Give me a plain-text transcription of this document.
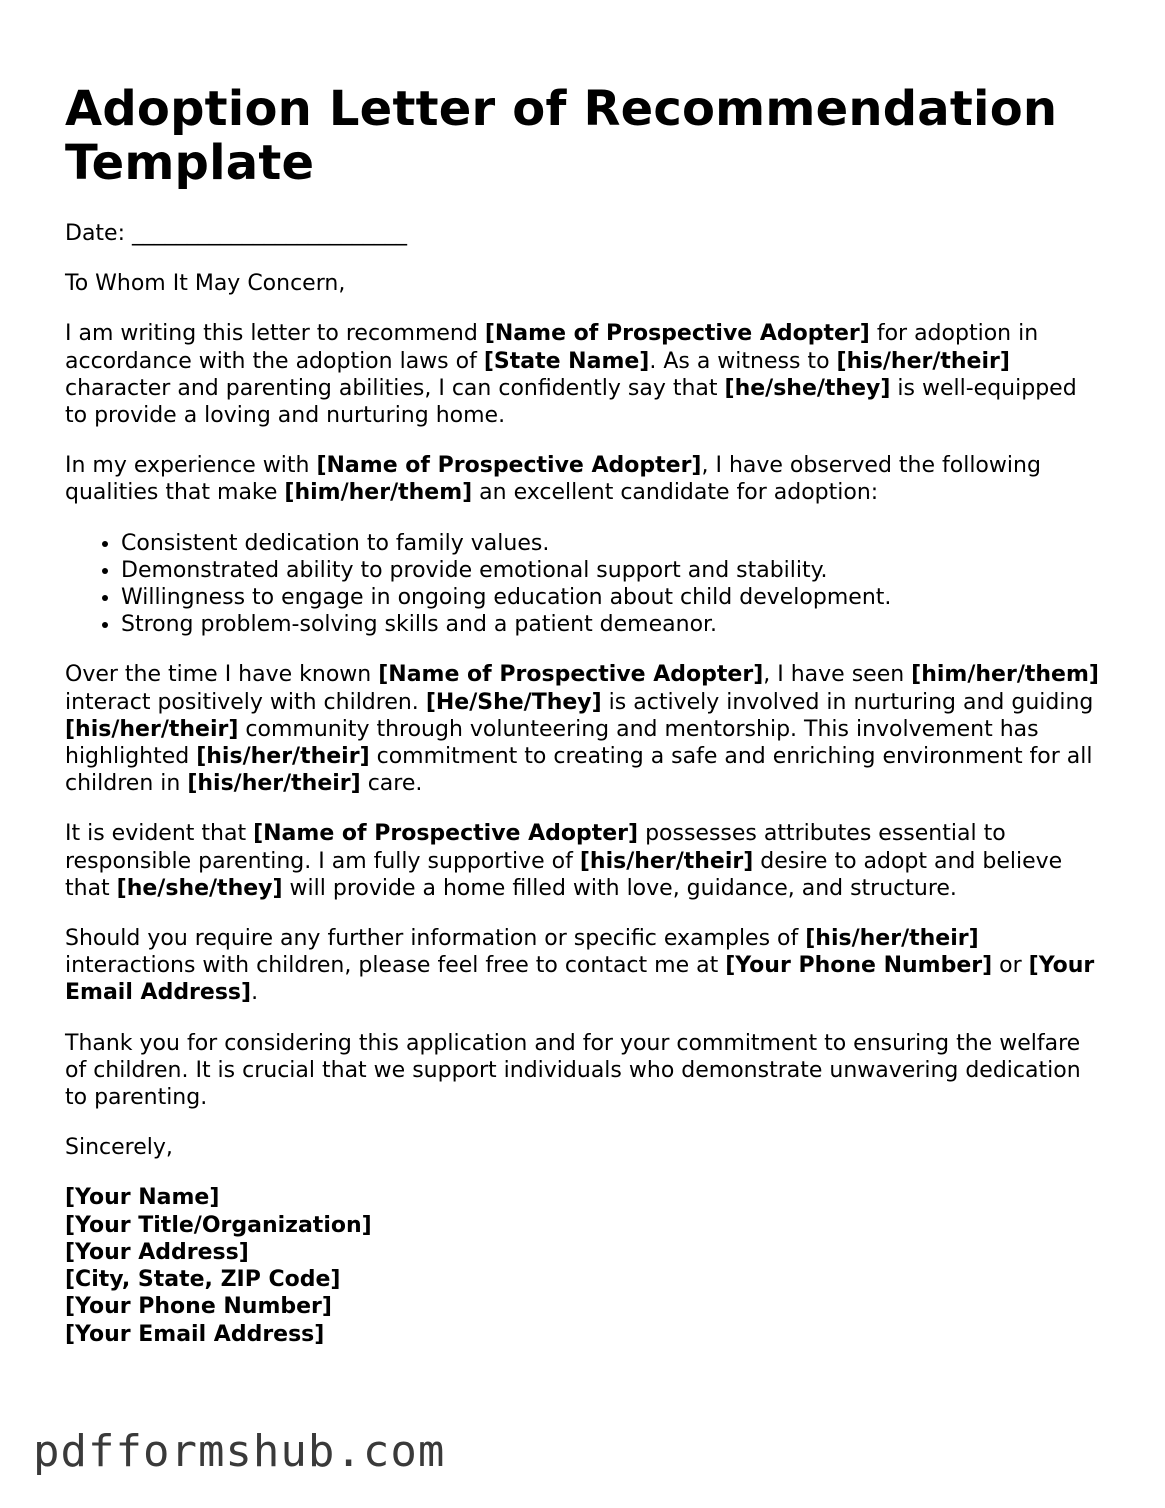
Adoption Letter of Recommendation Template

Date: _________________________

To Whom It May Concern,

I am writing this letter to recommend [Name of Prospective Adopter] for adoption in accordance with the adoption laws of [State Name]. As a witness to [his/her/their] character and parenting abilities, I can confidently say that [he/she/they] is well-equipped to provide a loving and nurturing home.

In my experience with [Name of Prospective Adopter], I have observed the following qualities that make [him/her/them] an excellent candidate for adoption:

• Consistent dedication to family values.
• Demonstrated ability to provide emotional support and stability.
• Willingness to engage in ongoing education about child development.
• Strong problem-solving skills and a patient demeanor.

Over the time I have known [Name of Prospective Adopter], I have seen [him/her/them] interact positively with children. [He/She/They] is actively involved in nurturing and guiding [his/her/their] community through volunteering and mentorship. This involvement has highlighted [his/her/their] commitment to creating a safe and enriching environment for all children in [his/her/their] care.

It is evident that [Name of Prospective Adopter] possesses attributes essential to responsible parenting. I am fully supportive of [his/her/their] desire to adopt and believe that [he/she/they] will provide a home filled with love, guidance, and structure.

Should you require any further information or specific examples of [his/her/their] interactions with children, please feel free to contact me at [Your Phone Number] or [Your Email Address].

Thank you for considering this application and for your commitment to ensuring the welfare of children. It is crucial that we support individuals who demonstrate unwavering dedication to parenting.

Sincerely,

[Your Name]
[Your Title/Organization]
[Your Address]
[City, State, ZIP Code]
[Your Phone Number]
[Your Email Address]

pdfformshub.com
